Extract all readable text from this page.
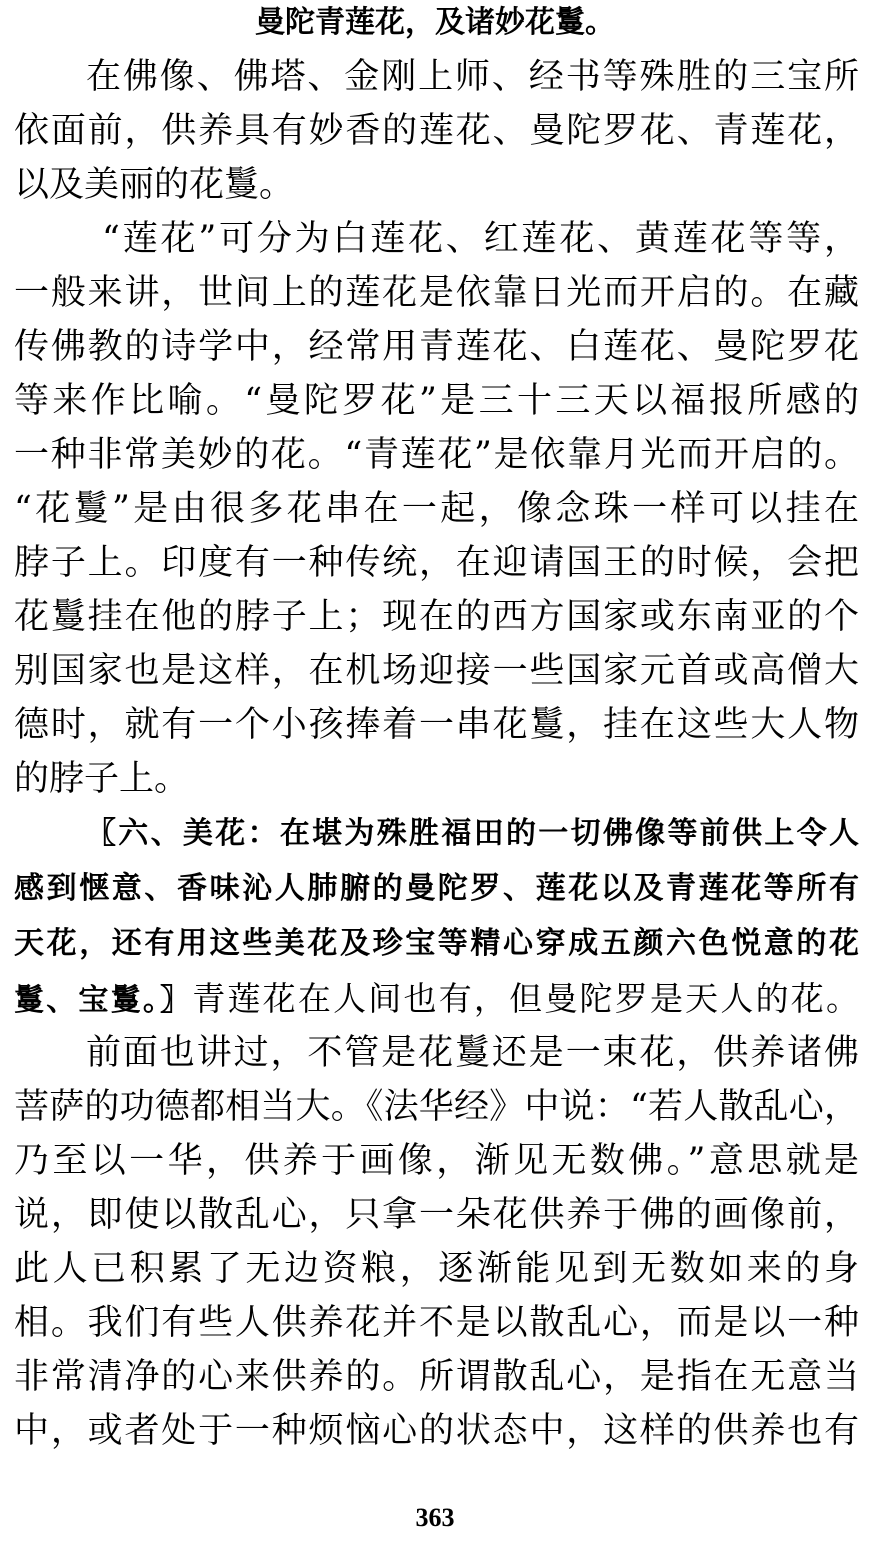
曼陀青莲花，及诸妙花鬘。
在佛像、佛塔、金刚上师、经书等殊胜的三宝所
依面前，供养具有妙香的莲花、曼陀罗花、青莲花，
以及美丽的花鬘。
“莲花”可分为白莲花、红莲花、黄莲花等等，
一般来讲，世间上的莲花是依靠日光而开启的。在藏
传佛教的诗学中，经常用青莲花、白莲花、曼陀罗花
等来作比喻。“曼陀罗花”是三十三天以福报所感的
一种非常美妙的花。“青莲花”是依靠月光而开启的。
“花鬘”是由很多花串在一起，像念珠一样可以挂在
脖子上。印度有一种传统，在迎请国王的时候，会把
花鬘挂在他的脖子上；现在的西方国家或东南亚的个
别国家也是这样，在机场迎接一些国家元首或高僧大
德时，就有一个小孩捧着一串花鬘，挂在这些大人物
的脖子上。
〖六、美花：在堪为殊胜福田的一切佛像等前供上令人
感到惬意、香味沁人肺腑的曼陀罗、莲花以及青莲花等所有
天花，还有用这些美花及珍宝等精心穿成五颜六色悦意的花
鬘、宝鬘。〗青莲花在人间也有，但曼陀罗是天人的花。
前面也讲过，不管是花鬘还是一束花，供养诸佛
菩萨的功德都相当大。《法华经》中说：“若人散乱心，
乃至以一华，供养于画像，渐见无数佛。”意思就是
说，即使以散乱心，只拿一朵花供养于佛的画像前，
此人已积累了无边资粮，逐渐能见到无数如来的身
相。我们有些人供养花并不是以散乱心，而是以一种
非常清净的心来供养的。所谓散乱心，是指在无意当
中，或者处于一种烦恼心的状态中，这样的供养也有
363
